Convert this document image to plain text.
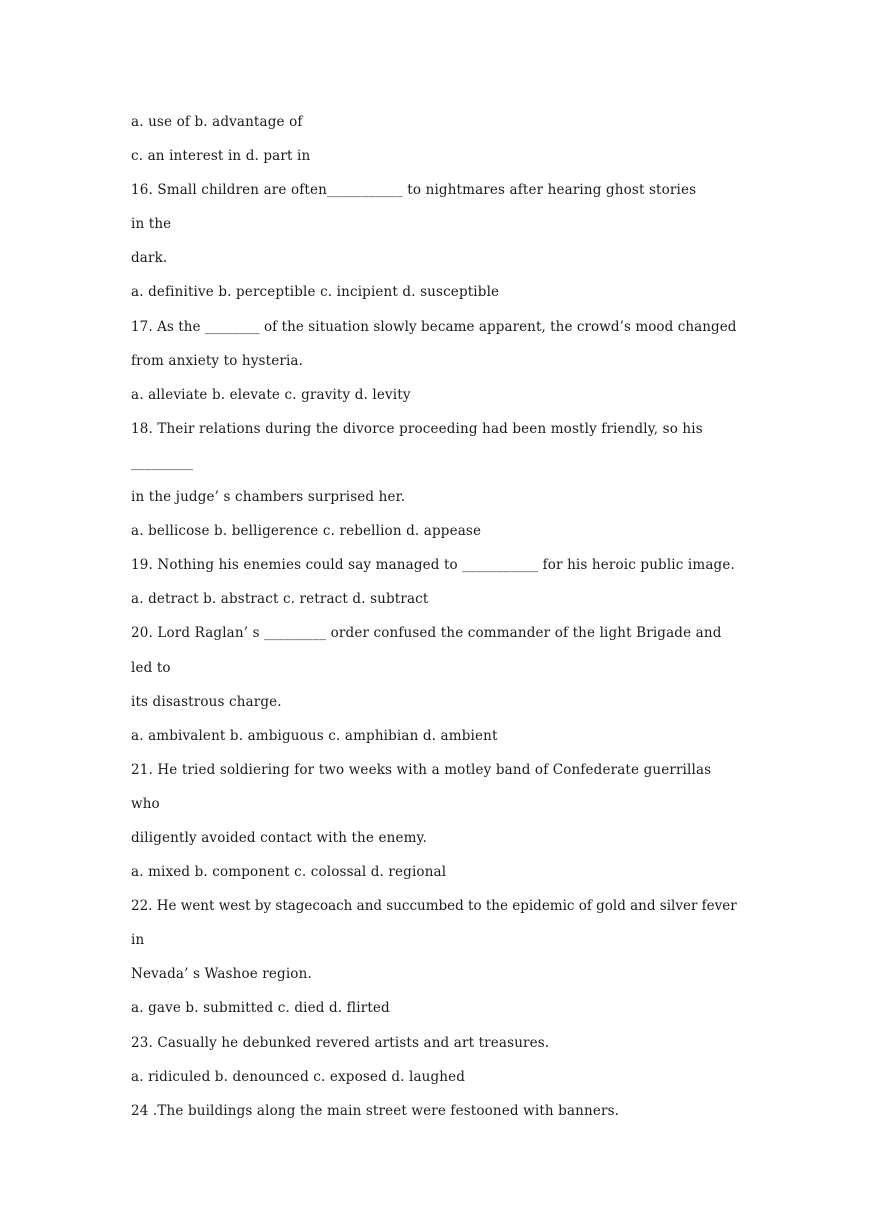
a. use of b. advantage of
c. an interest in d. part in
16. Small children are often___________ to nightmares after hearing ghost stories
in the
dark.
a. definitive b. perceptible c. incipient d. susceptible
17. As the ________ of the situation slowly became apparent, the crowd’s mood changed
from anxiety to hysteria.
a. alleviate b. elevate c. gravity d. levity
18. Their relations during the divorce proceeding had been mostly friendly, so his
_________
in the judge’ s chambers surprised her.
a. bellicose b. belligerence c. rebellion d. appease
19. Nothing his enemies could say managed to ___________ for his heroic public image.
a. detract b. abstract c. retract d. subtract
20. Lord Raglan’ s _________ order confused the commander of the light Brigade and
led to
its disastrous charge.
a. ambivalent b. ambiguous c. amphibian d. ambient
21. He tried soldiering for two weeks with a motley band of Confederate guerrillas
who
diligently avoided contact with the enemy.
a. mixed b. component c. colossal d. regional
22. He went west by stagecoach and succumbed to the epidemic of gold and silver fever
in
Nevada’ s Washoe region.
a. gave b. submitted c. died d. flirted
23. Casually he debunked revered artists and art treasures.
a. ridiculed b. denounced c. exposed d. laughed
24 .The buildings along the main street were festooned with banners.
